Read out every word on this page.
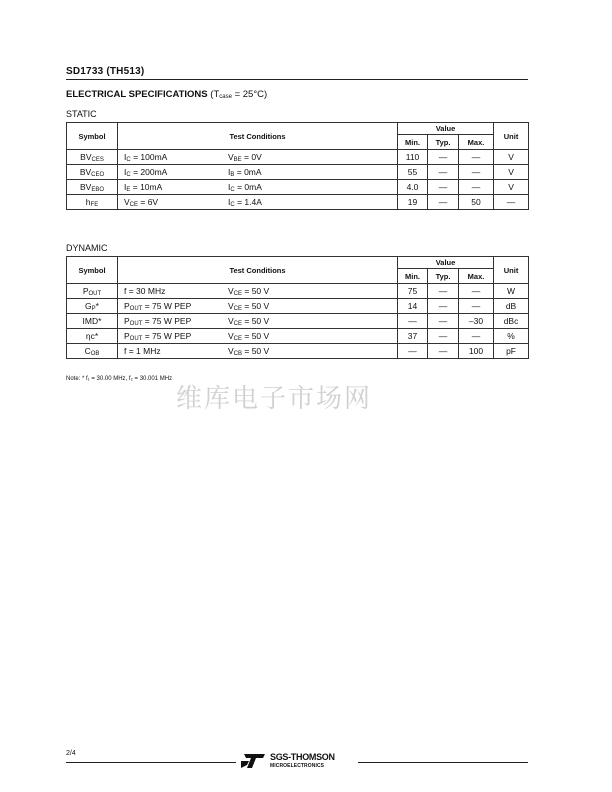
SD1733 (TH513)
ELECTRICAL SPECIFICATIONS $(T_{case} = 25^\circ C)$
STATIC
Symbol	Test Conditions	Value			Unit
		Min.	Typ.	Max.	
$BV_{CES}$	$I_C = 100mA$ $V_{BE} = 0V$	110	—	—	V
$BV_{CEO}$	$I_C = 200mA$ $I_B = 0mA$	55	—	—	V
$BV_{EBO}$	$I_E = 10mA$ $I_C = 0mA$	4.0	—	—	V
$h_{FE}$	$V_{CE} = 6V$ $I_C = 1.4A$	19	—	50	—
DYNAMIC
Symbol	Test Conditions	Value			Unit
		Min.	Typ.	Max.	
$P_{OUT}$	f = 30 MHz $V_{CE} = 50$ V	75	—	—	W
$G_P*$	$P_{OUT} = 75$ W PEP $V_{CE} = 50$ V	14	—	—	dB
IMD*	$P_{OUT} = 75$ W PEP $V_{CE} = 50$ V	—	—	–30	dBc
ηc*	$P_{OUT} = 75$ W PEP $V_{CE} = 50$ V	37	—	—	%
$C_{OB}$	f = 1 MHz $V_{CB} = 50$ V	—	—	100	pF
Note: * f₁ = 30.00 MHz, f₂ = 30.001 MHz
维库电子市场网
2/4	SGS-THOMSON
MICROELECTRONICS
